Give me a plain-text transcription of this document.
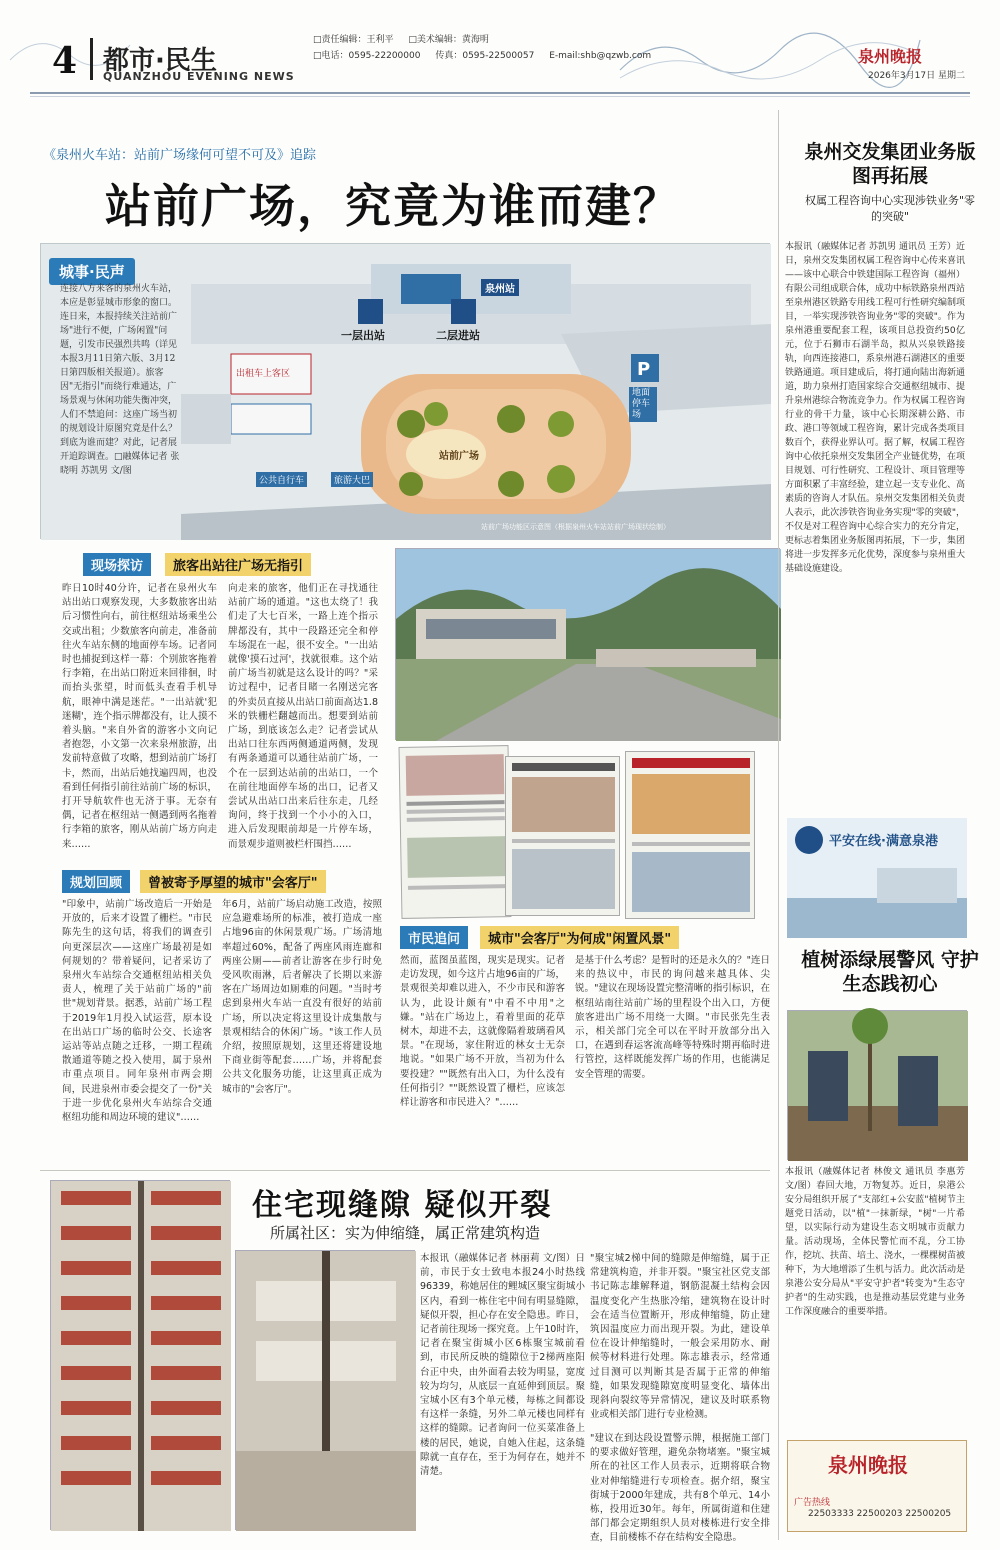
4 都市·民生
QUANZHOU EVENING NEWS
□责任编辑：王利平 □美术编辑：黄海明
□电话：0595-22200000 传真：0595-22500057 E-mail:shb@qzwb.com	泉州晚报
2026年3月17日 星期二
《泉州火车站：站前广场缘何可望不可及》追踪
站前广场，究竟为谁而建？
P
站前广场功能区示意图（根据泉州火车站站前广场现状绘制）
一层出站	二层进站
泉州站
站前广场
地面停车场
出租车上客区
公共自行车	旅游大巴
城事·民声
连接八方来客的泉州火车站，本应是彰显城市形象的窗口。连日来，本报持续关注站前广场"进行不便，广场闲置"问题，引发市民强烈共鸣（详见本报3月11日第六版、3月12日第四版相关报道）。旅客因"无指引"而绕行难通达，广场景观与休闲功能失衡冲突，人们不禁追问：这座广场当初的规划设计原图究竟是什么？到底为谁而建？对此，记者展开追踪调查。□融媒体记者 张晓明 苏凯男 文/图
现场探访	旅客出站往广场无指引
昨日10时40分许，记者在泉州火车站出站口观察发现，大多数旅客出站后习惯性向右，前往枢纽站场乘坐公交或出租；少数旅客向前走，准备前往火车站东侧的地面停车场。记者同时也捕捉到这样一幕：个别旅客拖着行李箱，在出站口附近来回徘徊，时而抬头张望，时而低头查看手机导航，眼神中满是迷茫。"一出站就'犯迷糊'，连个指示牌都没有，让人摸不着头脑。"来自外省的游客小文向记者抱怨，小文第一次来泉州旅游，出发前特意做了攻略，想到站前广场打卡，然而，出站后她找遍四周，也没看到任何指引前往站前广场的标识，打开导航软件也无济于事。无奈有偶，记者在枢纽站一侧遇到两名拖着行李箱的旅客，刚从站前广场方向走来……
向走来的旅客，他们正在寻找通往站前广场的通道。"这也太绕了！我们走了大七百米，一路上连个指示牌都没有，其中一段路还完全和停车场混在一起，很不安全。"一出站就像'摸石过河'，找就很难。这个站前广场当初就是这么设计的吗？"采访过程中，记者目睹一名刚送完客的外卖员直接从出站口前面高达1.8米的铁栅栏翻越而出。想要到站前广场，到底该怎么走？记者尝试从出站口往东西两侧通道两侧，发现有两条通道可以通往站前广场，一个在一层到达站前的出站口，一个在前往地面停车场的出口，记者又尝试从出站口出来后往东走，几经询问，终于找到一个小小的入口，进入后发现眼前却是一片停车场，而景观步道则被栏杆围挡……
规划回顾	曾被寄予厚望的城市"会客厅"
"印象中，站前广场改造后一开始是开放的，后来才设置了栅栏。"市民陈先生的这句话，将我们的调查引向更深层次——这座广场最初是如何规划的？带着疑问，记者采访了泉州火车站综合交通枢纽站相关负责人，梳理了关于站前广场的"前世"规划背景。据悉，站前广场工程于2019年1月投入试运营，原本设在出站口广场的临时公交、长途客运站等站点随之迁移，一期工程疏散通道等随之投入使用，属于泉州市重点项目。同年泉州市两会期间，民进泉州市委会提交了一份"关于进一步优化泉州火车站综合交通枢纽功能和周边环境的建议"……
年6月，站前广场启动施工改造，按照应急避难场所的标准，被打造成一座占地96亩的休闲景观广场。广场清地率超过60%，配备了两座风雨连廊和两座公厕——前者让游客在步行时免受风吹雨淋，后者解决了长期以来游客在广场周边如厕难的问题。"当时考虑到泉州火车站一直没有很好的站前广场，所以决定将这里设计成集散与景观相结合的休闲广场。"该工作人员介绍，按照原规划，这里还将建设地下商业街等配套……广场，并将配套公共文化服务功能，让这里真正成为城市的"会客厅"。
市民追问	城市"会客厅"为何成"闲置风景"
然而，蓝图虽蓝图，现实是现实。记者走访发现，如今这片占地96亩的广场，景观很美却难以进入，不少市民和游客认为，此设计颇有"中看不中用"之嫌。"站在广场边上，看着里面的花草树木，却进不去，这就像隔着玻璃看风景。"在现场，家住附近的林女士无奈地说。"如果广场不开放，当初为什么要投建？""既然有出入口，为什么没有任何指引？""既然设置了栅栏，应该怎样让游客和市民进入？"……
是基于什么考虑？是暂时的还是永久的？"连日来的热议中，市民的询问越来越具体、尖锐。"建议在现场设置完整清晰的指引标识，在枢纽站南往站前广场的里程设个出入口，方便旅客进出广场不用绕一大圈。"市民张先生表示，相关部门完全可以在平时开放部分出入口，在遇到春运客流高峰等特殊时期再临时进行管控，这样既能发挥广场的作用，也能满足安全管理的需要。
住宅现缝隙 疑似开裂
所属社区：实为伸缩缝，属正常建筑构造
本报讯（融媒体记者 林丽莉 文/图）日前，市民于女士致电本报24小时热线96339，称她居住的鲤城区聚宝街城小区内，看到一栋住宅中间有明显缝隙，疑似开裂，担心存在安全隐患。昨日，记者前往现场一探究竟。上午10时许，记者在聚宝街城小区6栋聚宝城前看到，市民所反映的缝隙位于2梯两座阳台正中央，由外面看去较为明显，宽度较为均匀，从底层一直延伸到顶层。聚宝城小区有3个单元楼，每栋之间都设有这样一条缝，另外二单元楼也同样有这样的缝隙。记者询问一位买菜准备上楼的居民，她说，自她入住起，这条缝隙就一直存在，至于为何存在，她并不清楚。
"聚宝城2梯中间的缝隙是伸缩缝，属于正常建筑构造，并非开裂。"聚宝社区党支部书记陈志雄解释道，钢筋混凝土结构会因温度变化产生热胀冷缩，建筑物在设计时会在适当位置断开，形成伸缩缝，防止建筑因温度应力而出现开裂。为此，建设单位在设计伸缩缝时，一般会采用防水、耐候等材料进行处理。陈志雄表示，经常通过目测可以判断其是否属于正常的伸缩缝，如果发现缝隙宽度明显变化、墙体出现斜向裂纹等异常情况，建议及时联系物业或相关部门进行专业检测。
"建议在到达段设置警示牌，根据施工部门的要求做好管理，避免杂物堵塞。"聚宝城所在的社区工作人员表示，近期将联合物业对伸缩缝进行专项检查。据介绍，聚宝街城于2000年建成，共有8个单元、14小栋，投用近30年。每年，所属街道和住建部门都会定期组织人员对楼栋进行安全排查，目前楼栋不存在结构安全隐患。
泉州交发集团业务版图再拓展
权属工程咨询中心实现涉铁业务"零的突破"
本报讯（融媒体记者 苏凯男 通讯员 王芳）近日，泉州交发集团权属工程咨询中心传来喜讯——该中心联合中铁建国际工程咨询（福州）有限公司组成联合体，成功中标铁路泉州西站至泉州港区铁路专用线工程可行性研究编制项目，一举实现涉铁咨询业务"零的突破"。作为泉州港重要配套工程，该项目总投资约50亿元，位于石狮市石湖半岛，拟从兴泉铁路接轨，向西连接港口，系泉州港石湖港区的重要铁路通道。项目建成后，将打通向陆出海新通道，助力泉州打造国家综合交通枢纽城市、提升泉州港综合物流竞争力。作为权属工程咨询行业的骨干力量，该中心长期深耕公路、市政、港口等领域工程咨询，累计完成各类项目数百个，获得业界认可。据了解，权属工程咨询中心依托泉州交发集团全产业链优势，在项目规划、可行性研究、工程设计、项目管理等方面积累了丰富经验，建立起一支专业化、高素质的咨询人才队伍。泉州交发集团相关负责人表示，此次涉铁咨询业务实现"零的突破"，不仅是对工程咨询中心综合实力的充分肯定，更标志着集团业务版图再拓展，下一步，集团将进一步发挥多元化优势，深度参与泉州重大基础设施建设。
平安在线·满意泉港
植树添绿展警风 守护生态践初心
本报讯（融媒体记者 林俊文 通讯员 李惠芳 文/图）春回大地，万物复苏。近日，泉港公安分局组织开展了"支部红+公安蓝"植树节主题党日活动，以"植"一抹新绿，"树"一片希望，以实际行动为建设生态文明城市贡献力量。活动现场，全体民警忙而不乱，分工协作，挖坑、扶苗、培土、浇水，一棵棵树苗被种下，为大地增添了生机与活力。此次活动是泉港公安分局从"平安守护者"转变为"生态守护者"的生动实践，也是推动基层党建与业务工作深度融合的重要举措。
泉州晚报
广告热线
22503333 22500203 22500205
